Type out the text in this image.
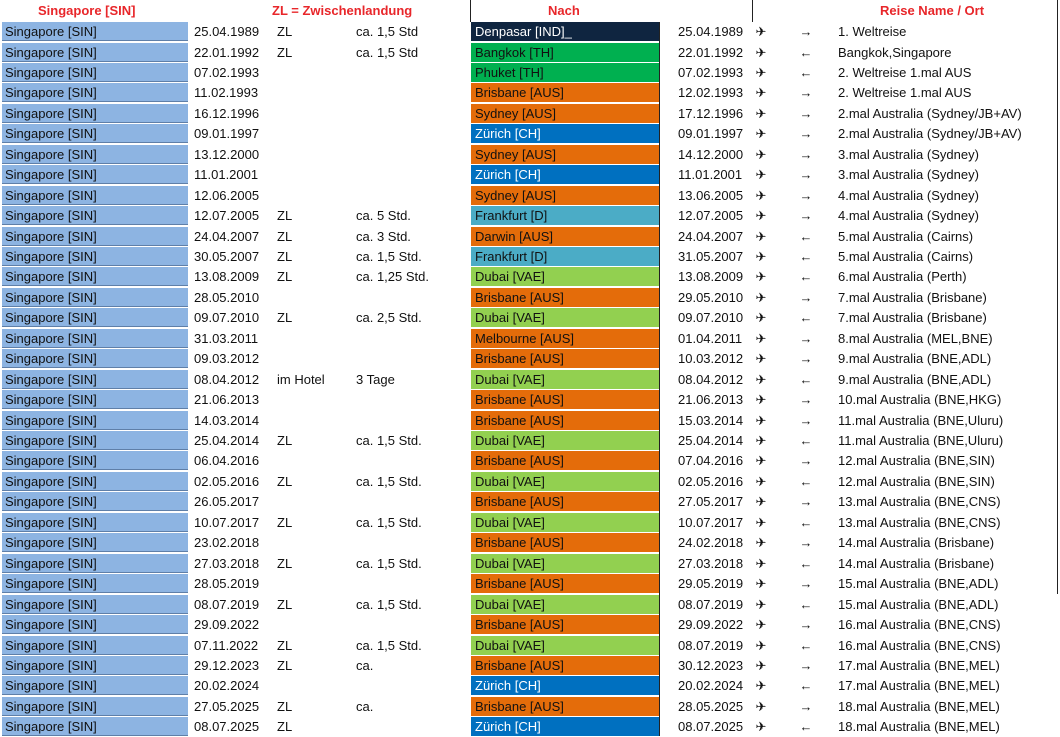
Singapore [SIN]	ZL = Zwischenlandung	Nach	Reise Name / Ort
Singapore [SIN]	25.04.1989	ZL	ca. 1,5 Std	Denpasar [IND]_	25.04.1989 ✈	→ 1. Weltreise
Singapore [SIN]	22.01.1992	ZL	ca. 1,5 Std	Bangkok [TH]	22.01.1992 ✈	← Bangkok,Singapore
Singapore [SIN]	07.02.1993	Phuket [TH]	07.02.1993 ✈	← 2. Weltreise 1.mal AUS
Singapore [SIN]	11.02.1993	Brisbane [AUS]	12.02.1993 ✈	→ 2. Weltreise 1.mal AUS
Singapore [SIN]	16.12.1996	Sydney [AUS]	17.12.1996 ✈	→ 2.mal Australia (Sydney/JB+AV)
Singapore [SIN]	09.01.1997	Zürich [CH]	09.01.1997 ✈	→ 2.mal Australia (Sydney/JB+AV)
Singapore [SIN]	13.12.2000	Sydney [AUS]	14.12.2000 ✈	→ 3.mal Australia (Sydney)
Singapore [SIN]	11.01.2001	Zürich [CH]	11.01.2001	✈	→ 3.mal Australia (Sydney)
Singapore [SIN]	12.06.2005	Sydney [AUS]	13.06.2005 ✈	→ 4.mal Australia (Sydney)
Singapore [SIN]	12.07.2005	ZL	ca. 5 Std.	Frankfurt [D]	12.07.2005 ✈	→ 4.mal Australia (Sydney)
Singapore [SIN]	24.04.2007	ZL	ca. 3 Std.	Darwin [AUS]	24.04.2007 ✈	← 5.mal Australia (Cairns)
Singapore [SIN]	30.05.2007	ZL	ca. 1,5 Std.	Frankfurt [D]	31.05.2007 ✈	← 5.mal Australia (Cairns)
Singapore [SIN]	13.08.2009	ZL	ca. 1,25 Std.	Dubai [VAE]	13.08.2009 ✈	← 6.mal Australia (Perth)
Singapore [SIN]	28.05.2010	Brisbane [AUS]	29.05.2010 ✈	→ 7.mal Australia (Brisbane)
Singapore [SIN]	09.07.2010	ZL	ca. 2,5 Std.	Dubai [VAE]	09.07.2010 ✈	← 7.mal Australia (Brisbane)
Singapore [SIN]	31.03.2011	Melbourne [AUS]	01.04.2011	✈	→ 8.mal Australia (MEL,BNE)
Singapore [SIN]	09.03.2012	Brisbane [AUS]	10.03.2012 ✈	→ 9.mal Australia (BNE,ADL)
Singapore [SIN]	08.04.2012	im Hotel	3 Tage	Dubai [VAE]	08.04.2012 ✈	← 9.mal Australia (BNE,ADL)
Singapore [SIN]	21.06.2013	Brisbane [AUS]	21.06.2013 ✈	→ 10.mal Australia (BNE,HKG)
Singapore [SIN]	14.03.2014	Brisbane [AUS]	15.03.2014 ✈	→ 11.mal Australia (BNE,Uluru)
Singapore [SIN]	25.04.2014	ZL	ca. 1,5 Std.	Dubai [VAE]	25.04.2014 ✈	← 11.mal Australia (BNE,Uluru)
Singapore [SIN]	06.04.2016	Brisbane [AUS]	07.04.2016 ✈	→ 12.mal Australia (BNE,SIN)
Singapore [SIN]	02.05.2016	ZL	ca. 1,5 Std.	Dubai [VAE]	02.05.2016 ✈	← 12.mal Australia (BNE,SIN)
Singapore [SIN]	26.05.2017	Brisbane [AUS]	27.05.2017 ✈	→ 13.mal Australia (BNE,CNS)
Singapore [SIN]	10.07.2017	ZL	ca. 1,5 Std.	Dubai [VAE]	10.07.2017 ✈	← 13.mal Australia (BNE,CNS)
Singapore [SIN]	23.02.2018	Brisbane [AUS]	24.02.2018 ✈	→ 14.mal Australia (Brisbane)
Singapore [SIN]	27.03.2018	ZL	ca. 1,5 Std.	Dubai [VAE]	27.03.2018 ✈	← 14.mal Australia (Brisbane)
Singapore [SIN]	28.05.2019	Brisbane [AUS]	29.05.2019 ✈	→ 15.mal Australia (BNE,ADL)
Singapore [SIN]	08.07.2019	ZL	ca. 1,5 Std.	Dubai [VAE]	08.07.2019 ✈	← 15.mal Australia (BNE,ADL)
Singapore [SIN]	29.09.2022	Brisbane [AUS]	29.09.2022 ✈	→ 16.mal Australia (BNE,CNS)
Singapore [SIN]	07.11.2022	ZL	ca. 1,5 Std.	Dubai [VAE]	08.07.2019 ✈	← 16.mal Australia (BNE,CNS)
Singapore [SIN]	29.12.2023	ZL	ca.	Brisbane [AUS]	30.12.2023 ✈	→ 17.mal Australia (BNE,MEL)
Singapore [SIN]	20.02.2024	Zürich [CH]	20.02.2024 ✈	← 17.mal Australia (BNE,MEL)
Singapore [SIN]	27.05.2025	ZL	ca.	Brisbane [AUS]	28.05.2025 ✈	→ 18.mal Australia (BNE,MEL)
Singapore [SIN]	08.07.2025	ZL	Zürich [CH]	08.07.2025 ✈	← 18.mal Australia (BNE,MEL)
